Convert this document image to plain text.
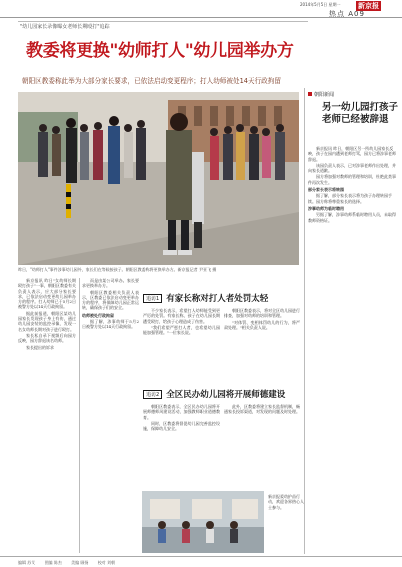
2014年5月5日 星期一 新京报
热点 A09
"幼儿园家长录像曝女老师长期殴打"追踪
教委将更换"幼师打人"幼儿园举办方
朝阳区教委称此举为大部分家长要求，已依法启动变更程序；打人幼师被处14天行政拘留
昨日，"幼师打人"事件涉事幼儿园外，家长们在等候接孩子。朝阳区教委称将更换举办方。新京报记者 尹亚飞 摄

新京报讯 昨日"女幼师长期殴打孩子"一事，朝阳区教委有关负责人表示，应大部分家长要求，已依法启动变更幼儿园举办方的程序。打人幼师已于5月2日被警方处以14天行政拘留。

据此前报道，朝阳区某幼儿园家长发现孩子身上有伤，通过幼儿园安装的监控录像，发现一名女幼师长期对孩子进行殴打。

家长私自录下视频后向园方反映，园方辞退该名幼师。

家长提出的诉求

而是由某公司举办。家长要求更换举办方。

朝阳区教委相关负责人表示，区教委已依法启动变更举办方的程序，将保障幼儿园正常运转，确保孩子们的安全。

幼师被处行政拘留

据了解，涉事幼师于5月2日被警方处以14天行政拘留。

追访1 有家长称对打人者处罚太轻

不少家长表示，希望打人幼师能受到更严厉的处罚。有家长称，孩子在幼儿园长期遭受殴打，给孩子心理造成了伤害。

"我们希望严惩打人者，也希望幼儿园能加强管理。"一位家长说。

朝阳区教委表示，将对全区幼儿园进行排查，加强对幼师的培训和管理。

"对体罚、变相体罚幼儿的行为，将严肃处理。"相关负责人说。

追访2 全区民办幼儿园将开展师德建设

朝阳区教委表示，全区民办幼儿园将开展师德师风建设活动，加强教师职业道德教育。

同时，区教委将督促幼儿园完善监控设施，保障幼儿安全。

此外，区教委将建立家长监督机制，畅通家长投诉渠道，对发现的问题及时处理。

新京报爱幼护苗行动，欢迎各界热心人士参与。
朝阳新闻
另一幼儿园打孩子老师已经被辞退

新京报讯 昨日，朝阳区另一所幼儿园家长反映，孩子在园内遭到老师打骂，园方已将涉事老师辞退。

该园负责人表示，已对涉事老师作出处理，并向家长道歉。

园方将加强对教师的管理和培训，杜绝此类事件再次发生。

部分家长表示将转园

据了解，部分家长表示将为孩子办理转园手续。园方称将尊重家长的选择。

涉事幼师为临时聘用

另据了解，涉事幼师系临时聘用人员，未取得教师资格证。

编辑 苏艾 图编 陈杰 美编 顾扬 校对 刘朝
